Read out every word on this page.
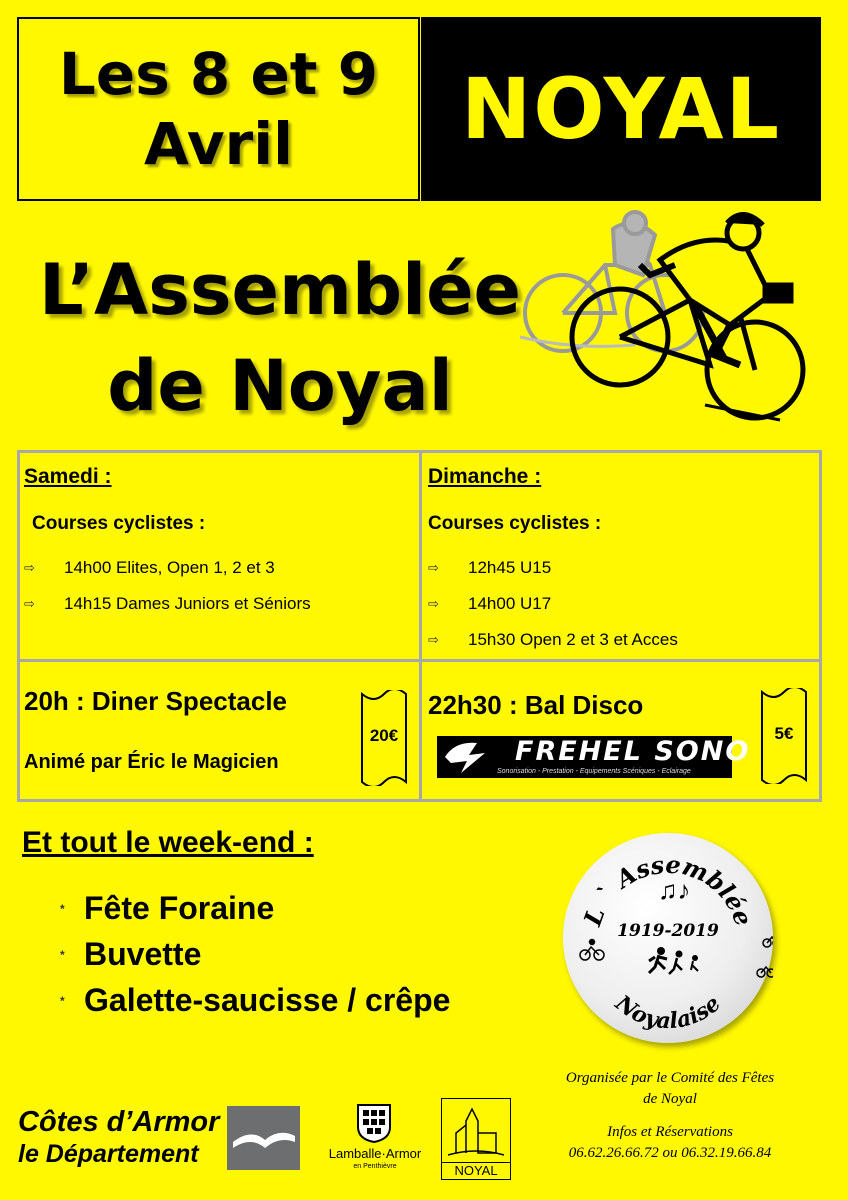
Les 8 et 9
Avril NOYAL
L’Assemblée
de Noyal
Samedi :
Courses cyclistes :
⇨	14h00 Elites, Open 1, 2 et 3
⇨	14h15 Dames Juniors et Séniors
Dimanche :
Courses cyclistes :
⇨	12h45 U15
⇨	14h00 U17
⇨	15h30 Open 2 et 3 et Acces
20h : Diner Spectacle
Animé par Éric le Magicien
20€
22h30 : Bal Disco
FREHEL SONO
Sonorisation - Prestation - Equipements Scéniques - Eclairage
5€
Et tout le week-end :
* Fête Foraine
* Buvette
* Galette-saucisse / crêpe
L ` Assemblée
Noyalaise
♫♪
1919-2019
Organisée par le Comité des Fêtes
de Noyal
Infos et Réservations
06.62.26.66.72 ou 06.32.19.66.84
Côtes d’Armor
le Département	Lamballe·Armor
en Penthièvre	NOYAL
